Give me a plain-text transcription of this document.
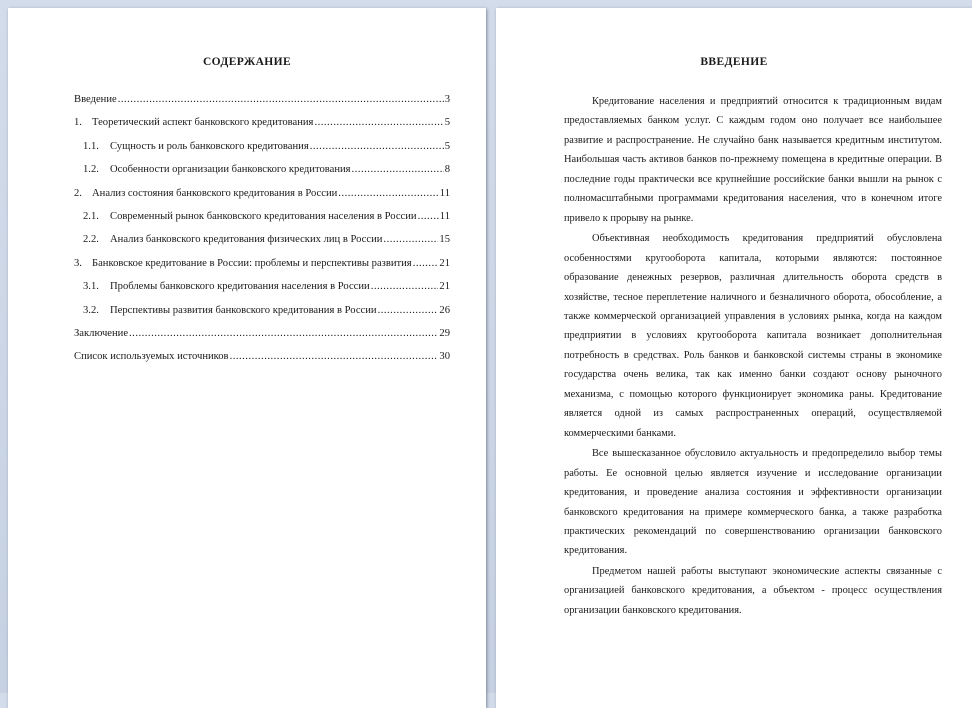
СОДЕРЖАНИЕ
Введение .....	3
1. Теоретический аспект банковского кредитования .....	5
1.1.	Сущность и роль банковского кредитования .....	5
1.2.	Особенности организации банковского кредитования .....	8
2. Анализ состояния банковского кредитования в России .....	11
2.1.	Современный рынок банковского кредитования населения в России ..... 11
2.2.	Анализ банковского кредитования физических лиц в России .....	15
3. Банковское кредитование в России: проблемы и перспективы развития .....	21
3.1.	Проблемы банковского кредитования населения в России .....	21
3.2.	Перспективы развития банковского кредитования в России .....	26
Заключение .....	29
Список используемых источников .....	30
ВВЕДЕНИЕ

Кредитование населения и предприятий относится к традиционным видам предоставляемых банком услуг. С каждым годом оно получает все наибольшее развитие и распространение. Не случайно банк называется кредитным институтом. Наибольшая часть активов банков по-прежнему помещена в кредитные операции. В последние годы практически все крупнейшие российские банки вышли на рынок с полномасштабными программами кредитования населения, что в конечном итоге привело к прорыву на рынке.

Объективная необходимость кредитования предприятий обусловлена особенностями кругооборота капитала, которыми являются: постоянное образование денежных резервов, различная длительность оборота средств в хозяйстве, тесное переплетение наличного и безналичного оборота, обособление, а также коммерческой организацией управления в условиях рынка, когда на каждом предприятии в условиях кругооборота капитала возникает дополнительная потребность в средствах. Роль банков и банковской системы страны в экономике государства очень велика, так как именно банки создают основу рыночного механизма, с помощью которого функционирует экономика раны. Кредитование является одной из самых распространенных операций, осуществляемой коммерческими банками.

Все вышесказанное обусловило актуальность и предопределило выбор темы работы. Ее основной целью является изучение и исследование организации кредитования, и проведение анализа состояния и эффективности организации банковского кредитования на примере коммерческого банка, а также разработка практических рекомендаций по совершенствованию организации банковского кредитования.

Предметом нашей работы выступают экономические аспекты связанные с организацией банковского кредитования, а объектом - процесс осуществления организации банковского кредитования.
